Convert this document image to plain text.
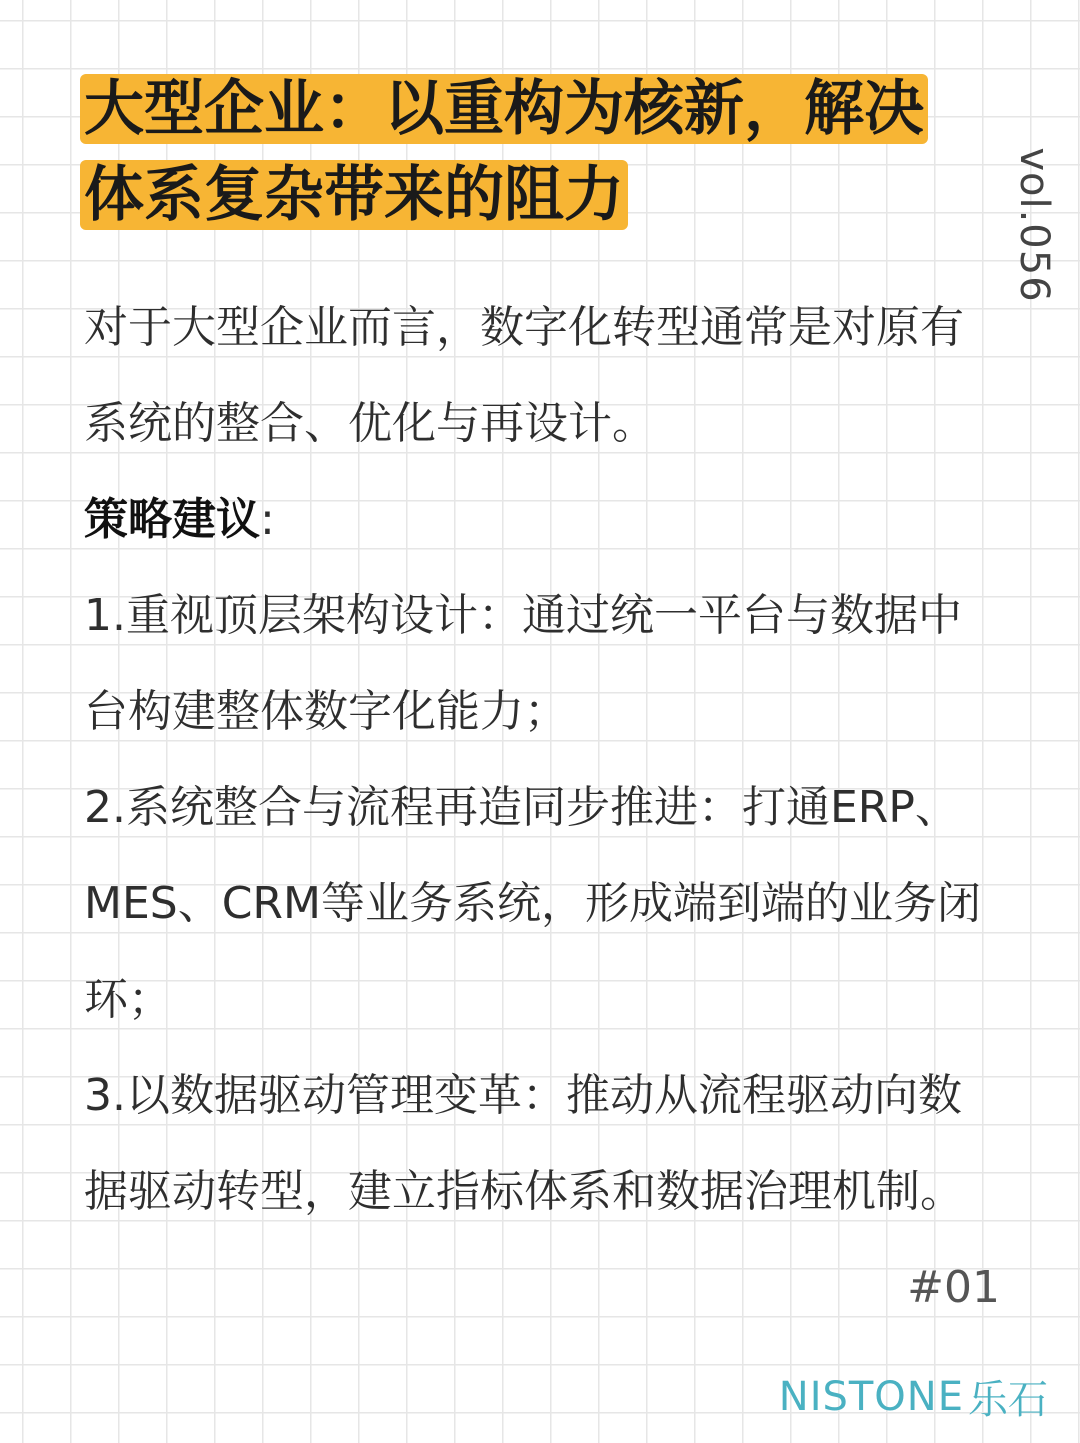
大型企业：以重构为核新，解决体系复杂带来的阻力	vol.056

对于大型企业而言，数字化转型通常是对原有系统的整合、优化与再设计。

策略建议:

1.重视顶层架构设计：通过统一平台与数据中台构建整体数字化能力；

2.系统整合与流程再造同步推进：打通ERP、MES、CRM等业务系统，形成端到端的业务闭环；

3.以数据驱动管理变革：推动从流程驱动向数据驱动转型，建立指标体系和数据治理机制。

#01
NISTONE 乐石
